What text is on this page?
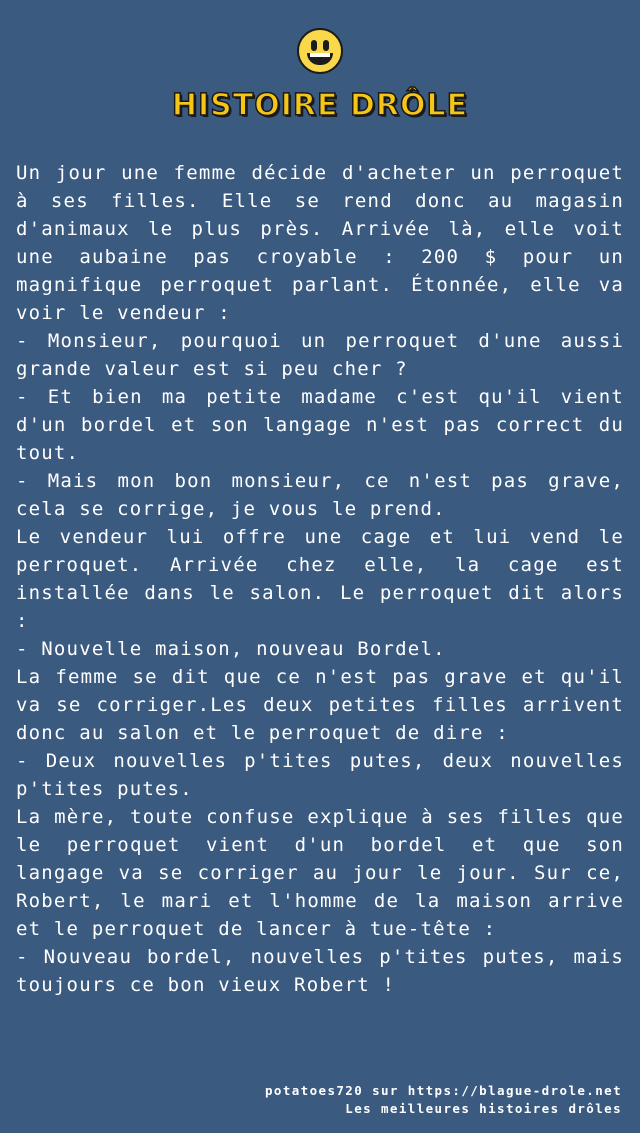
HISTOIRE DRÔLE

Un jour une femme décide d'acheter un perroquet à ses filles. Elle se rend donc au magasin d'animaux le plus près. Arrivée là, elle voit une aubaine pas croyable : 200 $ pour un magnifique perroquet parlant. Étonnée, elle va voir le vendeur :

- Monsieur, pourquoi un perroquet d'une aussi grande valeur est si peu cher ?

- Et bien ma petite madame c'est qu'il vient d'un bordel et son langage n'est pas correct du tout.

- Mais mon bon monsieur, ce n'est pas grave, cela se corrige, je vous le prend.

Le vendeur lui offre une cage et lui vend le perroquet. Arrivée chez elle, la cage est installée dans le salon. Le perroquet dit alors :

- Nouvelle maison, nouveau Bordel.

La femme se dit que ce n'est pas grave et qu'il va se corriger.Les deux petites filles arrivent donc au salon et le perroquet de dire :

- Deux nouvelles p'tites putes, deux nouvelles p'tites putes.

La mère, toute confuse explique à ses filles que le perroquet vient d'un bordel et que son langage va se corriger au jour le jour. Sur ce, Robert, le mari et l'homme de la maison arrive et le perroquet de lancer à tue-tête :

- Nouveau bordel, nouvelles p'tites putes, mais toujours ce bon vieux Robert !

potatoes720 sur https://blague-drole.net
Les meilleures histoires drôles
